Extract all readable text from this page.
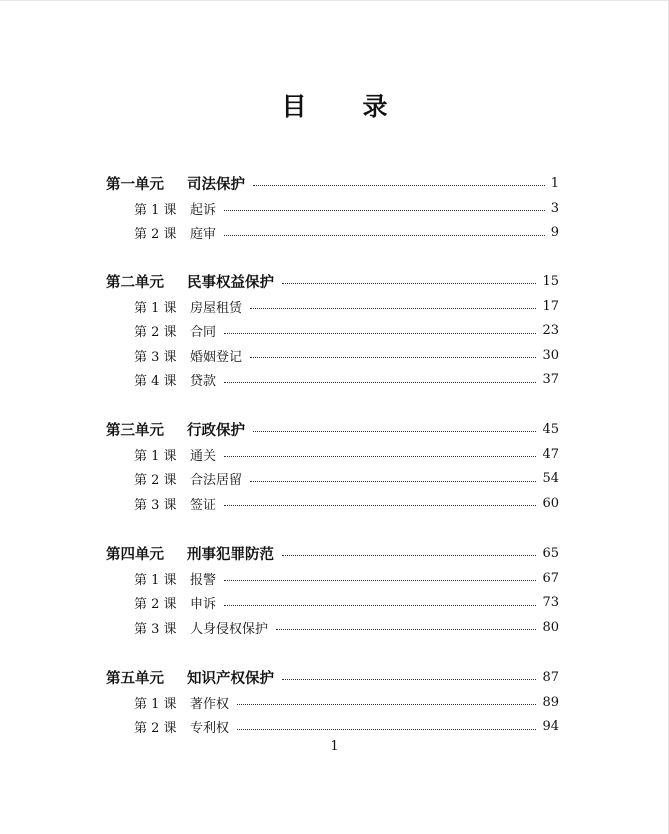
目录
第一单元	司法保护	1
第 1 课	起诉	3
第 2 课	庭审	9
第二单元	民事权益保护	15
第 1 课	房屋租赁	17
第 2 课	合同	23
第 3 课	婚姻登记	30
第 4 课	贷款	37
第三单元	行政保护	45
第 1 课	通关	47
第 2 课	合法居留	54
第 3 课	签证	60
第四单元	刑事犯罪防范	65
第 1 课	报警	67
第 2 课	申诉	73
第 3 课	人身侵权保护	80
第五单元	知识产权保护	87
第 1 课	著作权	89
第 2 课	专利权	94
1
